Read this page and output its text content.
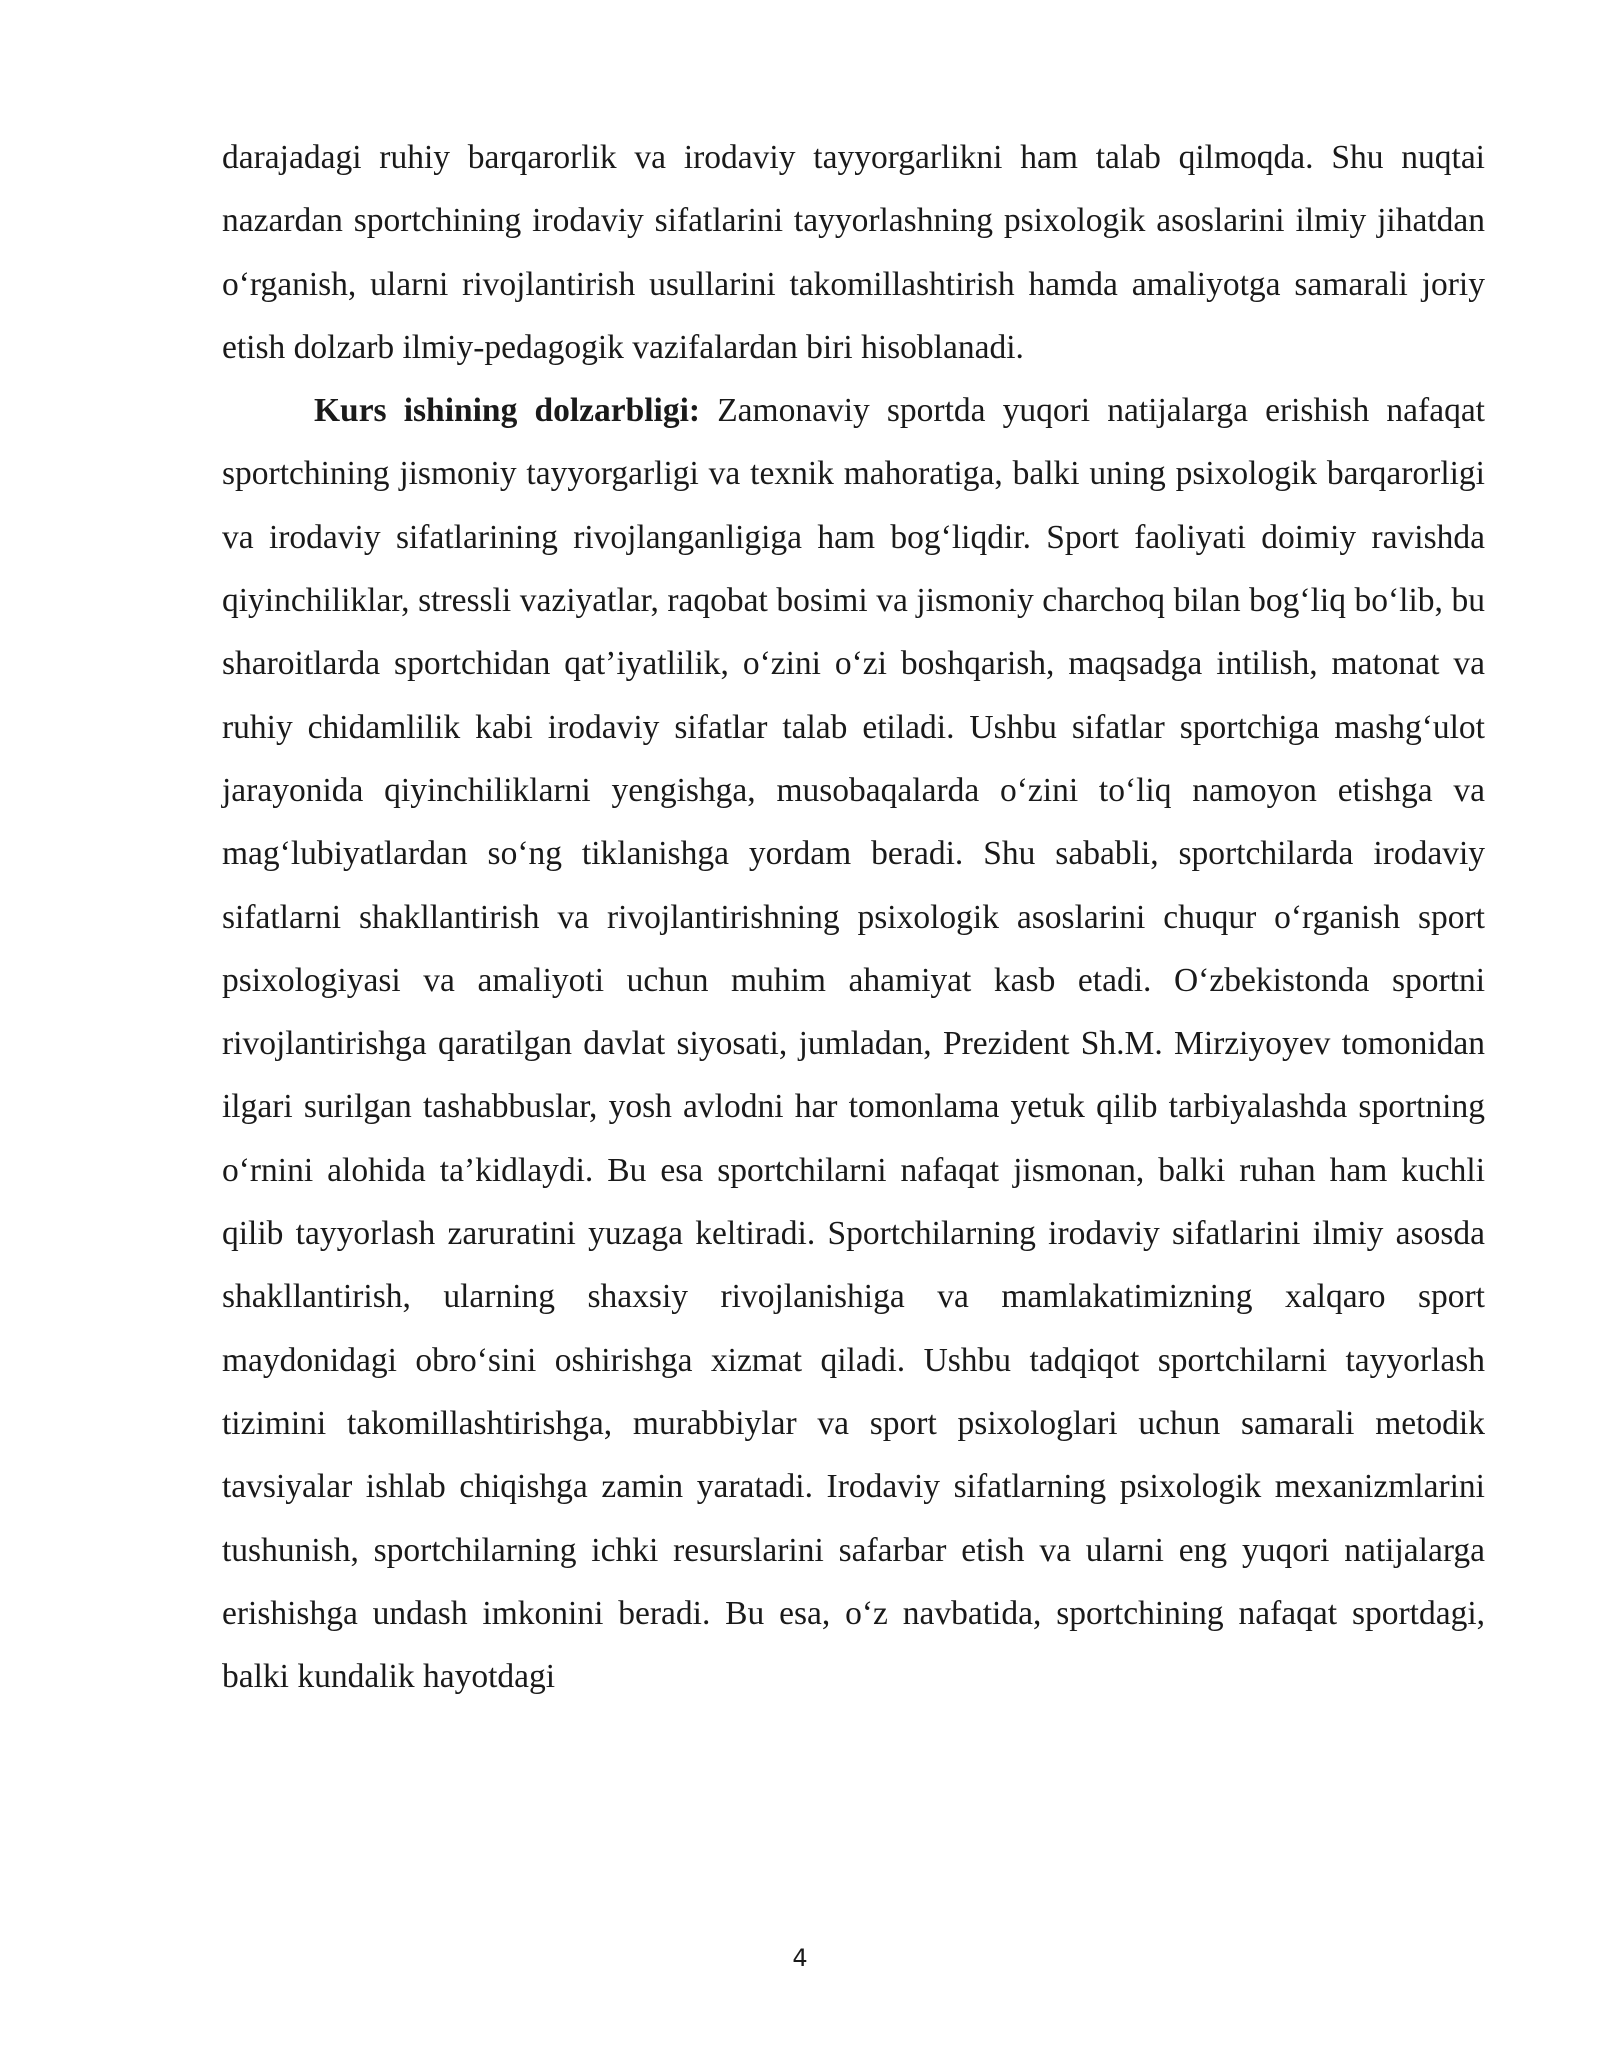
darajadagi ruhiy barqarorlik va irodaviy tayyorgarlikni ham talab qilmoqda. Shu nuqtai nazardan sportchining irodaviy sifatlarini tayyorlashning psixologik asoslarini ilmiy jihatdan o‘rganish, ularni rivojlantirish usullarini takomillashtirish hamda amaliyotga samarali joriy etish dolzarb ilmiy-pedagogik vazifalardan biri hisoblanadi.

Kurs ishining dolzarbligi: Zamonaviy sportda yuqori natijalarga erishish nafaqat sportchining jismoniy tayyorgarligi va texnik mahoratiga, balki uning psixologik barqarorligi va irodaviy sifatlarining rivojlanganligiga ham bog‘liqdir. Sport faoliyati doimiy ravishda qiyinchiliklar, stressli vaziyatlar, raqobat bosimi va jismoniy charchoq bilan bog‘liq bo‘lib, bu sharoitlarda sportchidan qat’iyatlilik, o‘zini o‘zi boshqarish, maqsadga intilish, matonat va ruhiy chidamlilik kabi irodaviy sifatlar talab etiladi. Ushbu sifatlar sportchiga mashg‘ulot jarayonida qiyinchiliklarni yengishga, musobaqalarda o‘zini to‘liq namoyon etishga va mag‘lubiyatlardan so‘ng tiklanishga yordam beradi. Shu sababli, sportchilarda irodaviy sifatlarni shakllantirish va rivojlantirishning psixologik asoslarini chuqur o‘rganish sport psixologiyasi va amaliyoti uchun muhim ahamiyat kasb etadi. O‘zbekistonda sportni rivojlantirishga qaratilgan davlat siyosati, jumladan, Prezident Sh.M. Mirziyoyev tomonidan ilgari surilgan tashabbuslar, yosh avlodni har tomonlama yetuk qilib tarbiyalashda sportning o‘rnini alohida ta’kidlaydi. Bu esa sportchilarni nafaqat jismonan, balki ruhan ham kuchli qilib tayyorlash zaruratini yuzaga keltiradi. Sportchilarning irodaviy sifatlarini ilmiy asosda shakllantirish, ularning shaxsiy rivojlanishiga va mamlakatimizning xalqaro sport maydonidagi obro‘sini oshirishga xizmat qiladi. Ushbu tadqiqot sportchilarni tayyorlash tizimini takomillashtirishga, murabbiylar va sport psixologlari uchun samarali metodik tavsiyalar ishlab chiqishga zamin yaratadi. Irodaviy sifatlarning psixologik mexanizmlarini tushunish, sportchilarning ichki resurslarini safarbar etish va ularni eng yuqori natijalarga erishishga undash imkonini beradi. Bu esa, o‘z navbatida, sportchining nafaqat sportdagi, balki kundalik hayotdagi

4
